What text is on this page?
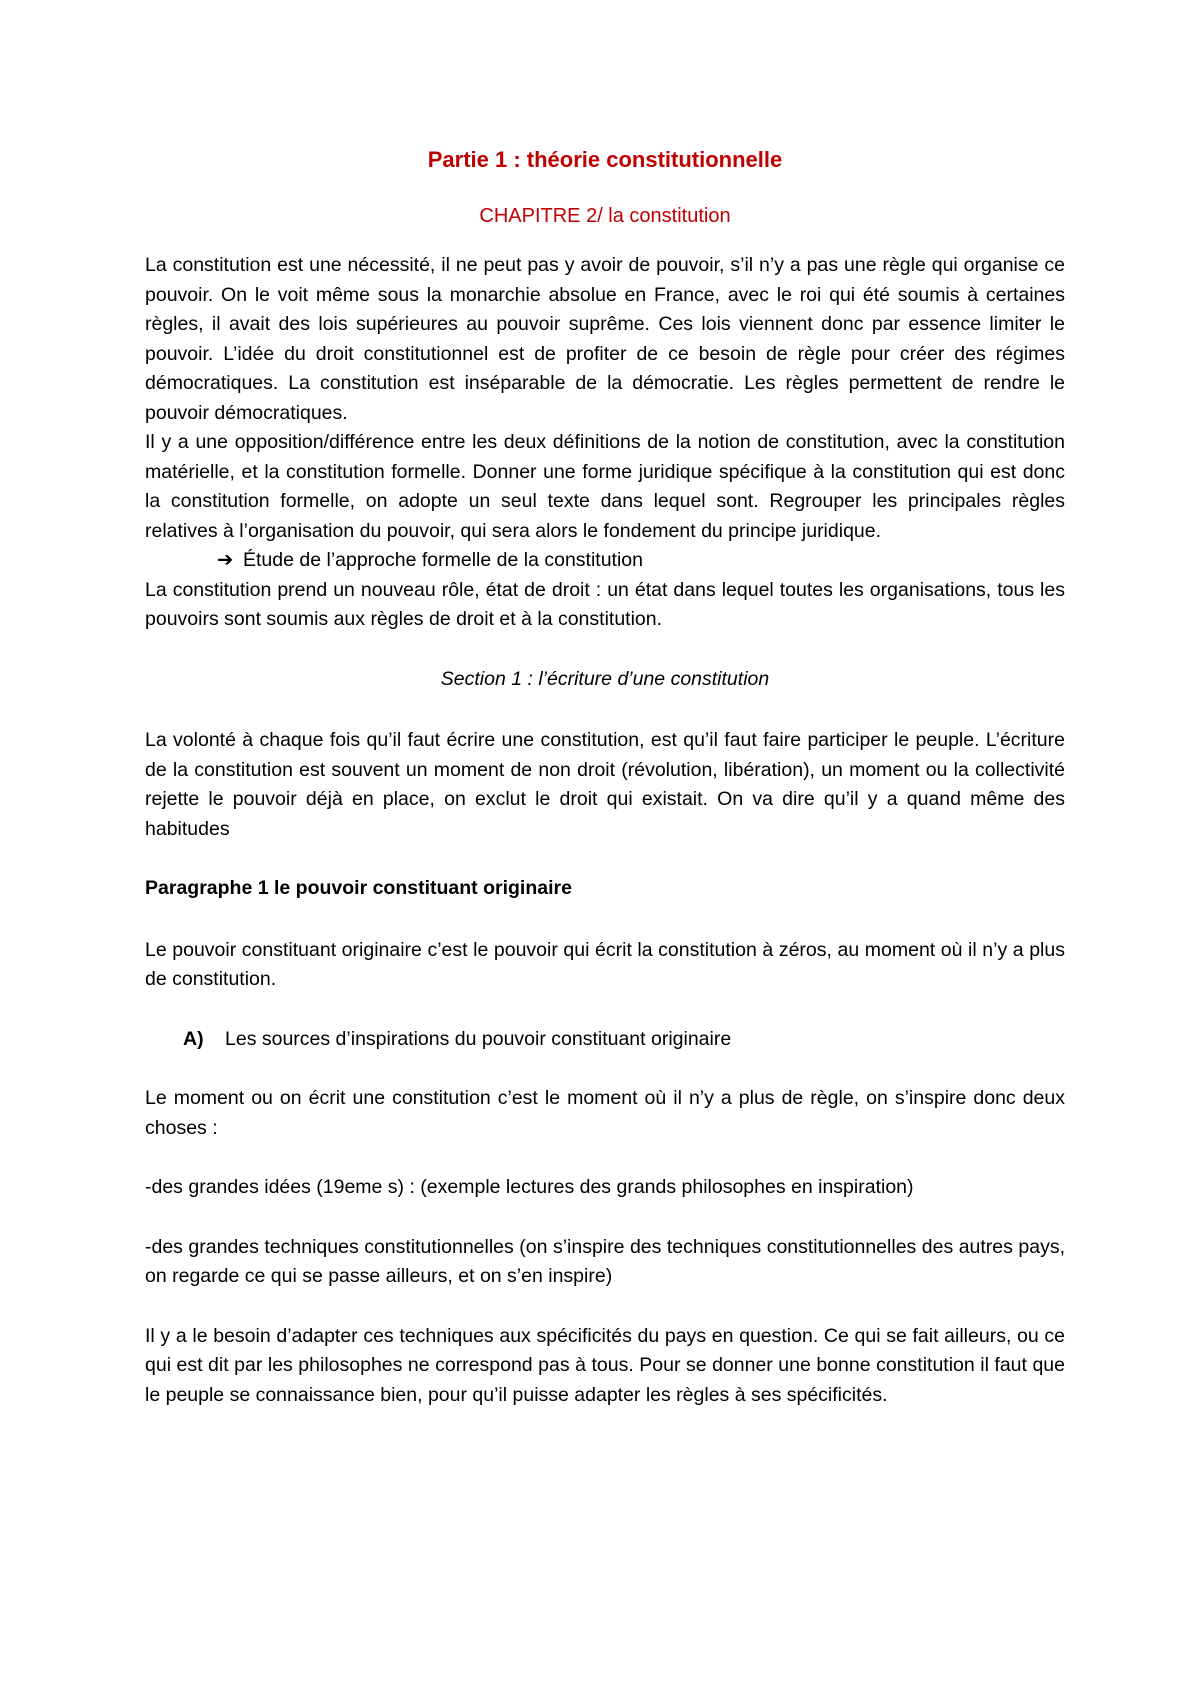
Partie 1 : théorie constitutionnelle
CHAPITRE 2/ la constitution

La constitution est une nécessité, il ne peut pas y avoir de pouvoir, s’il n’y a pas une règle qui organise ce pouvoir. On le voit même sous la monarchie absolue en France, avec le roi qui été soumis à certaines règles, il avait des lois supérieures au pouvoir suprême. Ces lois viennent donc par essence limiter le pouvoir. L’idée du droit constitutionnel est de profiter de ce besoin de règle pour créer des régimes démocratiques. La constitution est inséparable de la démocratie. Les règles permettent de rendre le pouvoir démocratiques.

Il y a une opposition/différence entre les deux définitions de la notion de constitution, avec la constitution matérielle, et la constitution formelle. Donner une forme juridique spécifique à la constitution qui est donc la constitution formelle, on adopte un seul texte dans lequel sont. Regrouper les principales règles relatives à l’organisation du pouvoir, qui sera alors le fondement du principe juridique.

➔ Étude de l’approche formelle de la constitution

La constitution prend un nouveau rôle, état de droit : un état dans lequel toutes les organisations, tous les pouvoirs sont soumis aux règles de droit et à la constitution.

Section 1 : l’écriture d’une constitution

La volonté à chaque fois qu’il faut écrire une constitution, est qu’il faut faire participer le peuple. L’écriture de la constitution est souvent un moment de non droit (révolution, libération), un moment ou la collectivité rejette le pouvoir déjà en place, on exclut le droit qui existait. On va dire qu’il y a quand même des habitudes

Paragraphe 1 le pouvoir constituant originaire

Le pouvoir constituant originaire c’est le pouvoir qui écrit la constitution à zéros, au moment où il n’y a plus de constitution.

A) Les sources d’inspirations du pouvoir constituant originaire

Le moment ou on écrit une constitution c’est le moment où il n’y a plus de règle, on s’inspire donc deux choses :

-des grandes idées (19eme s) : (exemple lectures des grands philosophes en inspiration)

-des grandes techniques constitutionnelles (on s’inspire des techniques constitutionnelles des autres pays, on regarde ce qui se passe ailleurs, et on s’en inspire)

Il y a le besoin d’adapter ces techniques aux spécificités du pays en question. Ce qui se fait ailleurs, ou ce qui est dit par les philosophes ne correspond pas à tous. Pour se donner une bonne constitution il faut que le peuple se connaissance bien, pour qu’il puisse adapter les règles à ses spécificités.
